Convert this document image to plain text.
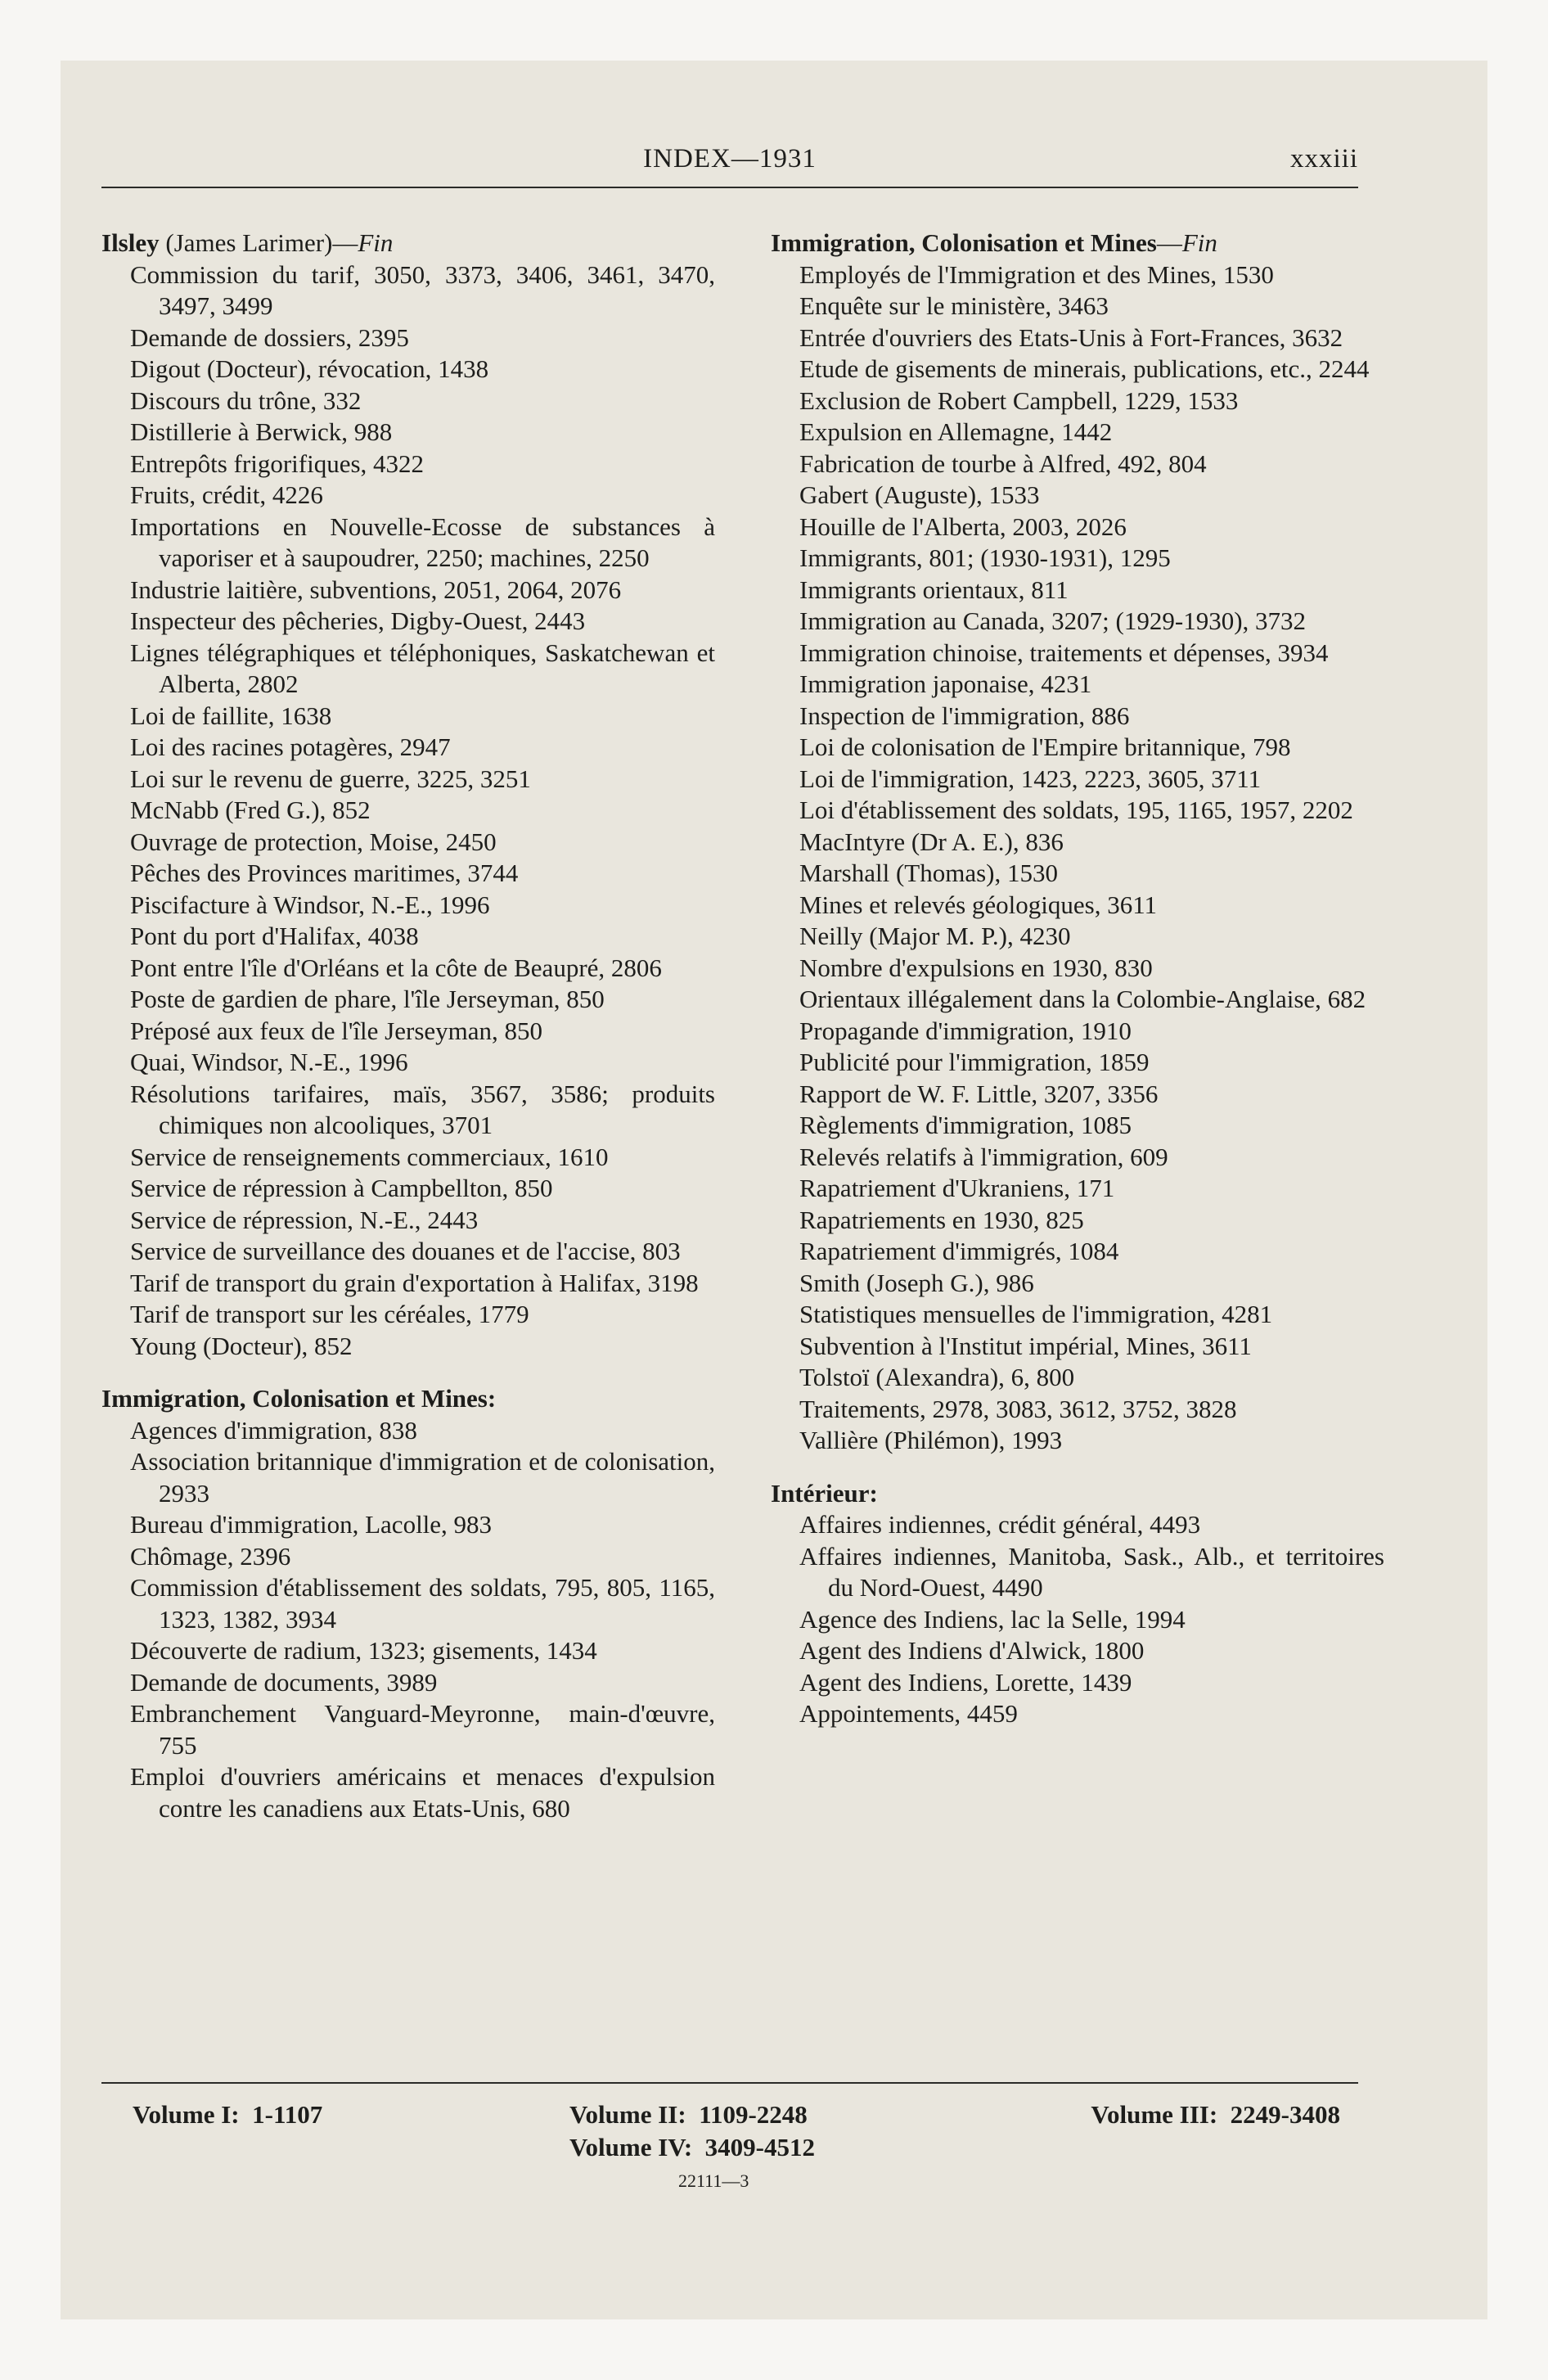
INDEX—1931	xxxiii
Ilsley (James Larimer)—Fin
Commission du tarif, 3050, 3373, 3406, 3461, 3470, 3497, 3499
Demande de dossiers, 2395
Digout (Docteur), révocation, 1438
Discours du trône, 332
Distillerie à Berwick, 988
Entrepôts frigorifiques, 4322
Fruits, crédit, 4226
Importations en Nouvelle-Ecosse de substances à vaporiser et à saupoudrer, 2250; machines, 2250
Industrie laitière, subventions, 2051, 2064, 2076
Inspecteur des pêcheries, Digby-Ouest, 2443
Lignes télégraphiques et téléphoniques, Saskatchewan et Alberta, 2802
Loi de faillite, 1638
Loi des racines potagères, 2947
Loi sur le revenu de guerre, 3225, 3251
McNabb (Fred G.), 852
Ouvrage de protection, Moise, 2450
Pêches des Provinces maritimes, 3744
Piscifacture à Windsor, N.-E., 1996
Pont du port d'Halifax, 4038
Pont entre l'île d'Orléans et la côte de Beaupré, 2806
Poste de gardien de phare, l'île Jerseyman, 850
Préposé aux feux de l'île Jerseyman, 850
Quai, Windsor, N.-E., 1996
Résolutions tarifaires, maïs, 3567, 3586; produits chimiques non alcooliques, 3701
Service de renseignements commerciaux, 1610
Service de répression à Campbellton, 850
Service de répression, N.-E., 2443
Service de surveillance des douanes et de l'accise, 803
Tarif de transport du grain d'exportation à Halifax, 3198
Tarif de transport sur les céréales, 1779
Young (Docteur), 852
Immigration, Colonisation et Mines:
Agences d'immigration, 838
Association britannique d'immigration et de colonisation, 2933
Bureau d'immigration, Lacolle, 983
Chômage, 2396
Commission d'établissement des soldats, 795, 805, 1165, 1323, 1382, 3934
Découverte de radium, 1323; gisements, 1434
Demande de documents, 3989
Embranchement Vanguard-Meyronne, main-d'œuvre, 755
Emploi d'ouvriers américains et menaces d'expulsion contre les canadiens aux Etats-Unis, 680
Immigration, Colonisation et Mines—Fin
Employés de l'Immigration et des Mines, 1530
Enquête sur le ministère, 3463
Entrée d'ouvriers des Etats-Unis à Fort-Frances, 3632
Etude de gisements de minerais, publications, etc., 2244
Exclusion de Robert Campbell, 1229, 1533
Expulsion en Allemagne, 1442
Fabrication de tourbe à Alfred, 492, 804
Gabert (Auguste), 1533
Houille de l'Alberta, 2003, 2026
Immigrants, 801; (1930-1931), 1295
Immigrants orientaux, 811
Immigration au Canada, 3207; (1929-1930), 3732
Immigration chinoise, traitements et dépenses, 3934
Immigration japonaise, 4231
Inspection de l'immigration, 886
Loi de colonisation de l'Empire britannique, 798
Loi de l'immigration, 1423, 2223, 3605, 3711
Loi d'établissement des soldats, 195, 1165, 1957, 2202
MacIntyre (Dr A. E.), 836
Marshall (Thomas), 1530
Mines et relevés géologiques, 3611
Neilly (Major M. P.), 4230
Nombre d'expulsions en 1930, 830
Orientaux illégalement dans la Colombie-Anglaise, 682
Propagande d'immigration, 1910
Publicité pour l'immigration, 1859
Rapport de W. F. Little, 3207, 3356
Règlements d'immigration, 1085
Relevés relatifs à l'immigration, 609
Rapatriement d'Ukraniens, 171
Rapatriements en 1930, 825
Rapatriement d'immigrés, 1084
Smith (Joseph G.), 986
Statistiques mensuelles de l'immigration, 4281
Subvention à l'Institut impérial, Mines, 3611
Tolstoï (Alexandra), 6, 800
Traitements, 2978, 3083, 3612, 3752, 3828
Vallière (Philémon), 1993
Intérieur:
Affaires indiennes, crédit général, 4493
Affaires indiennes, Manitoba, Sask., Alb., et territoires du Nord-Ouest, 4490
Agence des Indiens, lac la Selle, 1994
Agent des Indiens d'Alwick, 1800
Agent des Indiens, Lorette, 1439
Appointements, 4459
Volume I: 1-1107	Volume II: 1109-2248
Volume IV: 3409-4512
Volume III: 2249-3408
22111—3
